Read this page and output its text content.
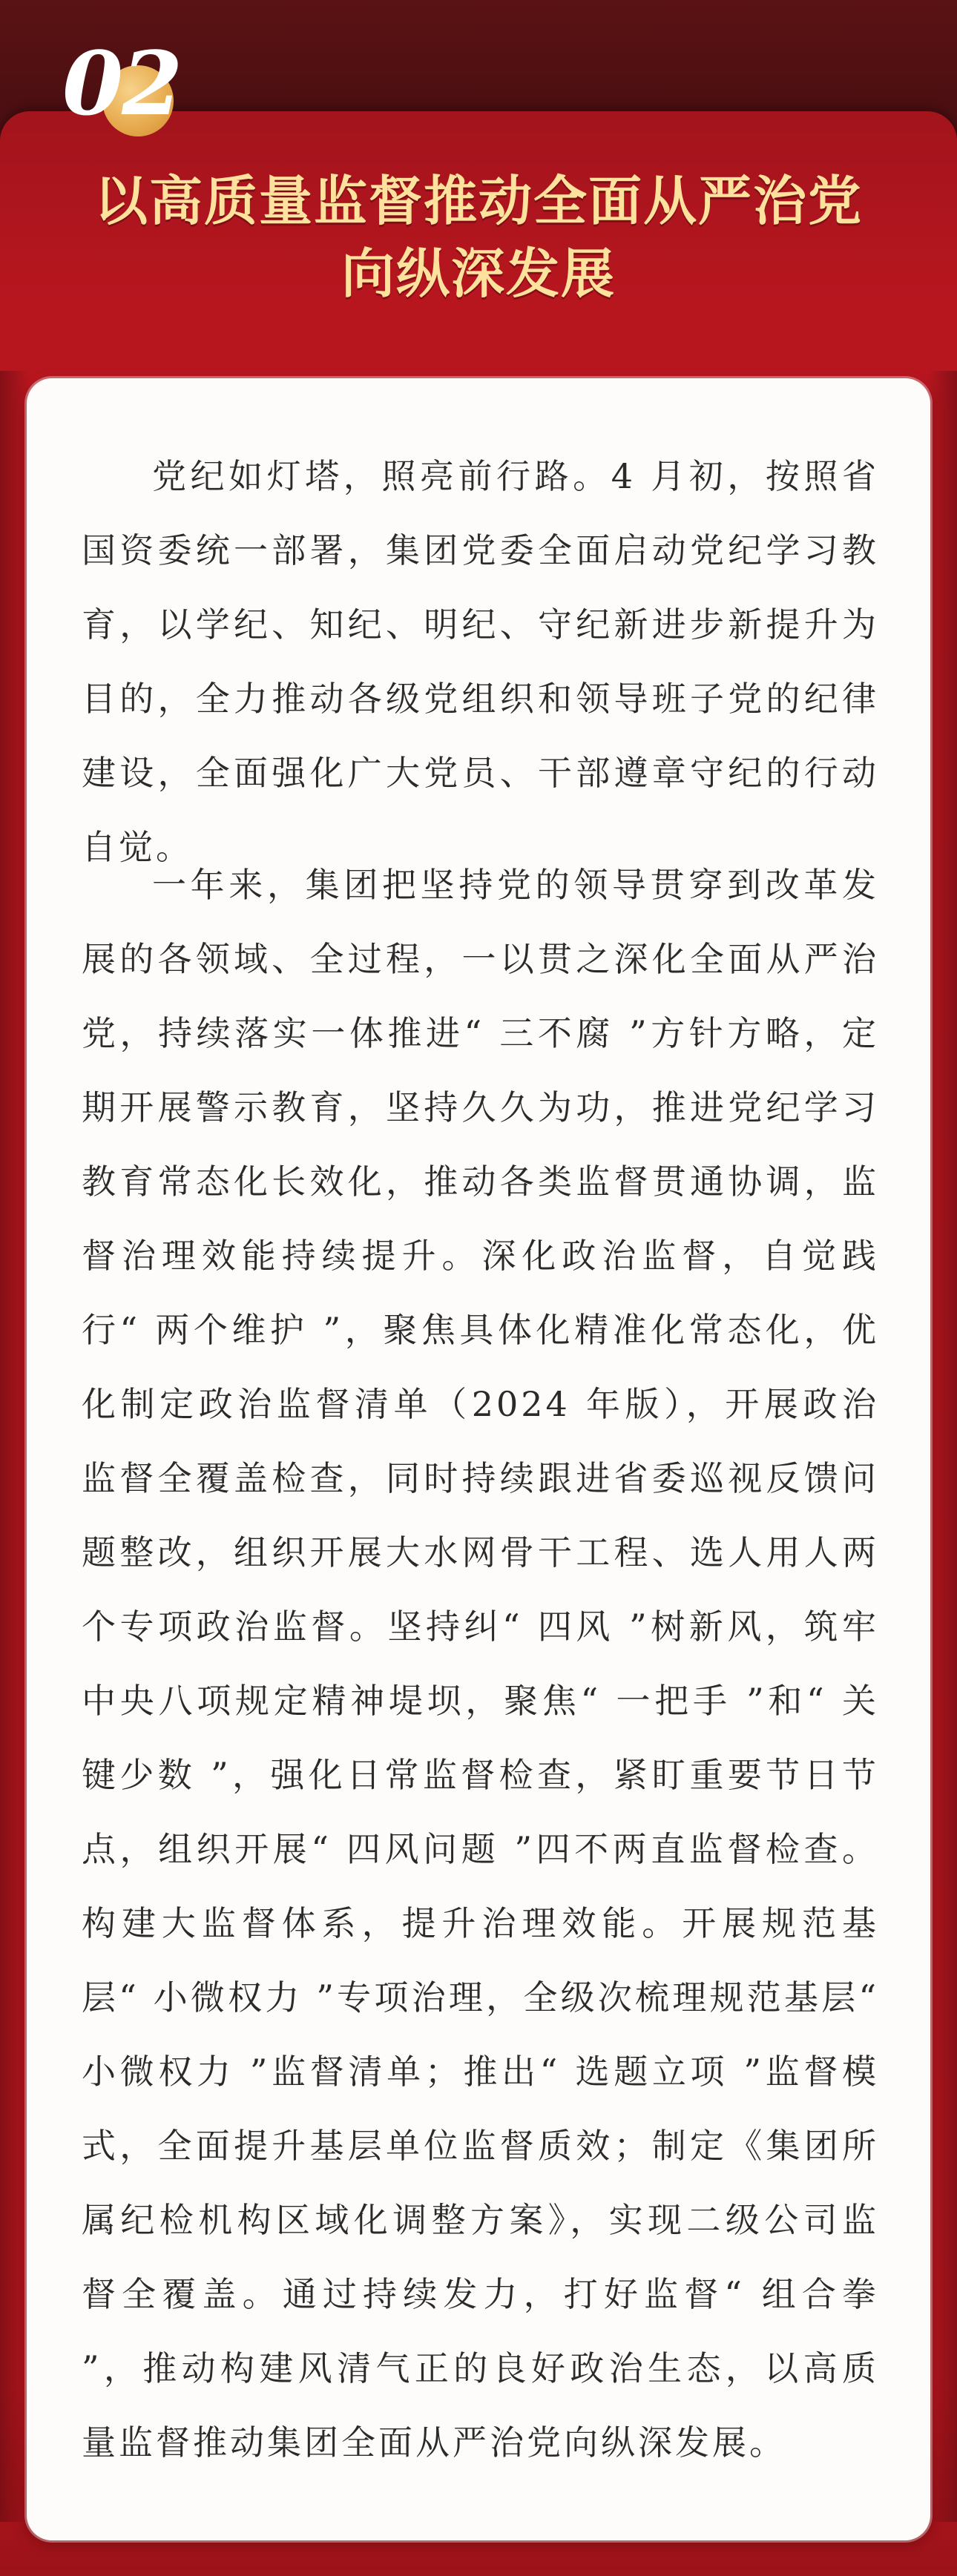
02
以高质量监督推动全面从严治党
向纵深发展

党纪如灯塔，照亮前行路。4 月初，按照省国资委统一部署，集团党委全面启动党纪学习教育，以学纪、知纪、明纪、守纪新进步新提升为目的，全力推动各级党组织和领导班子党的纪律建设，全面强化广大党员、干部遵章守纪的行动自觉。

一年来，集团把坚持党的领导贯穿到改革发展的各领域、全过程，一以贯之深化全面从严治党，持续落实一体推进“ 三不腐 ”方针方略，定期开展警示教育，坚持久久为功，推进党纪学习教育常态化长效化，推动各类监督贯通协调，监督治理效能持续提升。深化政治监督，自觉践行“ 两个维护 ”，聚焦具体化精准化常态化，优化制定政治监督清单（2024 年版），开展政治监督全覆盖检查，同时持续跟进省委巡视反馈问题整改，组织开展大水网骨干工程、选人用人两个专项政治监督。坚持纠“ 四风 ”树新风，筑牢中央八项规定精神堤坝，聚焦“ 一把手 ”和“ 关键少数 ”，强化日常监督检查，紧盯重要节日节点，组织开展“ 四风问题 ”四不两直监督检查。构建大监督体系，提升治理效能。开展规范基层“ 小微权力 ”专项治理，全级次梳理规范基层“ 小微权力 ”监督清单；推出“ 选题立项 ”监督模式，全面提升基层单位监督质效；制定《集团所属纪检机构区域化调整方案》，实现二级公司监督全覆盖。通过持续发力，打好监督“ 组合拳 ”，推动构建风清气正的良好政治生态，以高质量监督推动集团全面从严治党向纵深发展。
